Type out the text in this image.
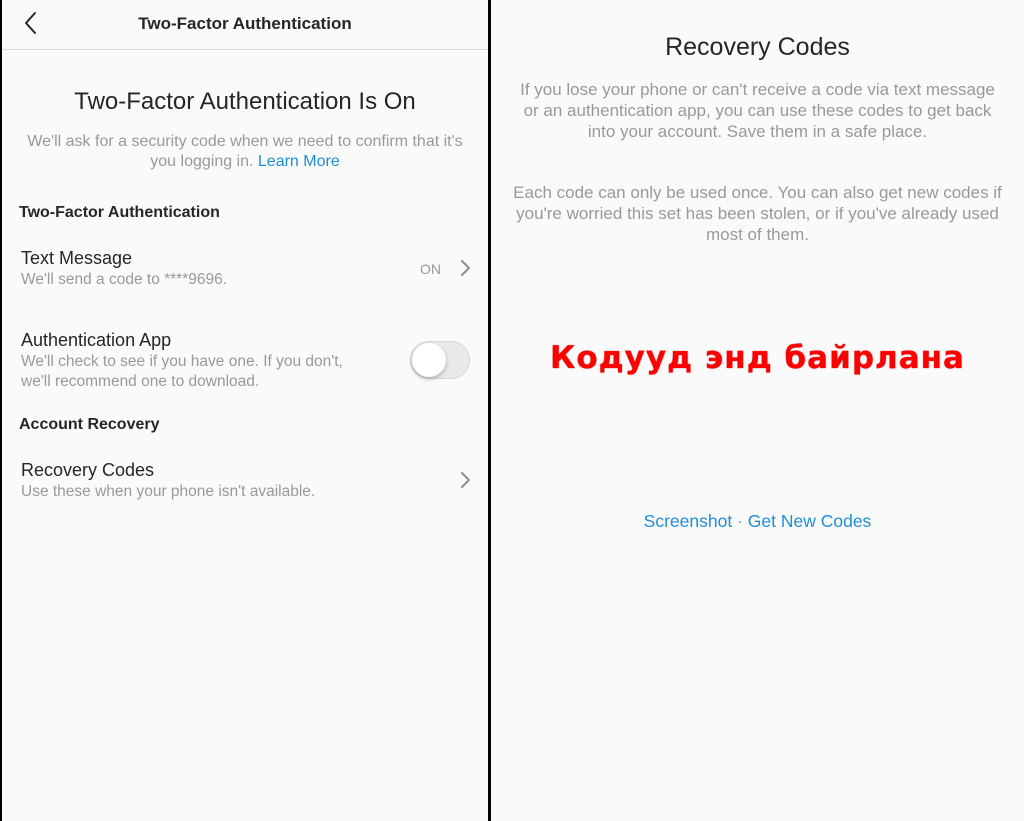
Two-Factor Authentication
Two-Factor Authentication Is On
We'll ask for a security code when we need to confirm that it's you logging in. Learn More
Two-Factor Authentication
Text Message
We'll send a code to ****9696.
ON
Authentication App
We'll check to see if you have one. If you don't,
we'll recommend one to download.
Account Recovery
Recovery Codes
Use these when your phone isn't available.
Recovery Codes
If you lose your phone or can't receive a code via text message or an authentication app, you can use these codes to get back into your account. Save them in a safe place.
Each code can only be used once. You can also get new codes if you're worried this set has been stolen, or if you've already used most of them.
Кодууд энд байрлана
Screenshot · Get New Codes
